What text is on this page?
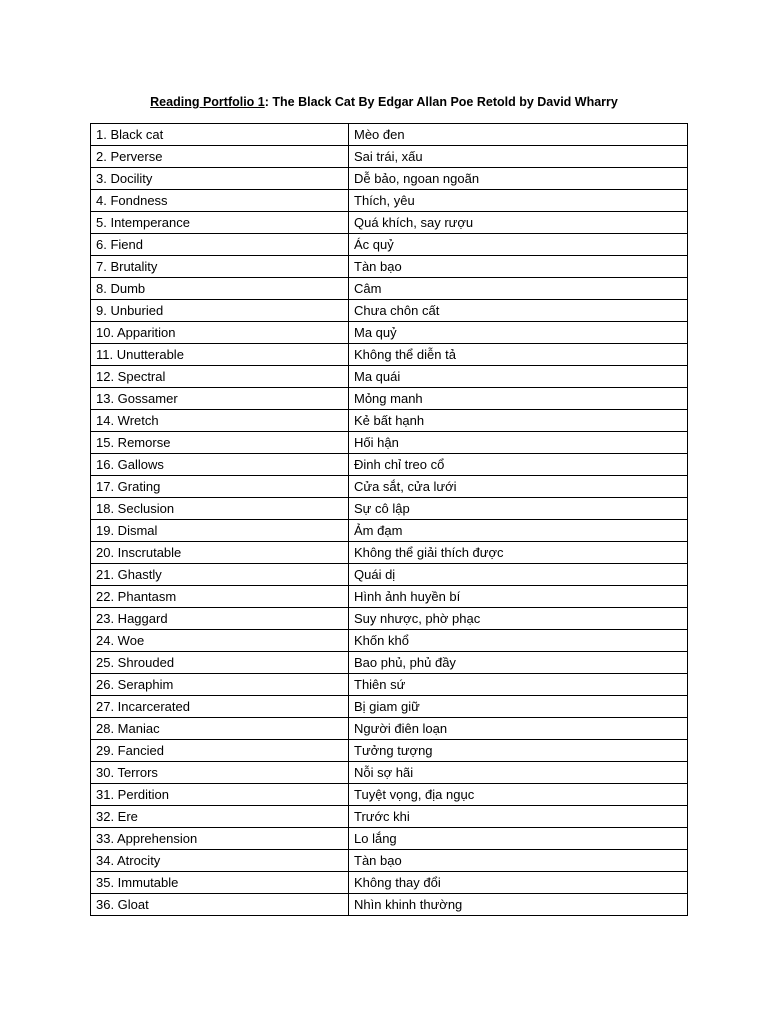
Reading Portfolio 1: The Black Cat By Edgar Allan Poe Retold by David Wharry
1. Black cat	Mèo đen
2. Perverse	Sai trái, xấu
3. Docility	Dễ bảo, ngoan ngoãn
4. Fondness	Thích, yêu
5. Intemperance	Quá khích, say rượu
6. Fiend	Ác quỷ
7. Brutality	Tàn bạo
8. Dumb	Câm
9. Unburied	Chưa chôn cất
10. Apparition	Ma quỷ
11. Unutterable	Không thể diễn tả
12. Spectral	Ma quái
13. Gossamer	Mỏng manh
14. Wretch	Kẻ bất hạnh
15. Remorse	Hối hận
16. Gallows	Đinh chỉ treo cổ
17. Grating	Cửa sắt, cửa lưới
18. Seclusion	Sự cô lập
19. Dismal	Ảm đạm
20. Inscrutable	Không thể giải thích được
21. Ghastly	Quái dị
22. Phantasm	Hình ảnh huyền bí
23. Haggard	Suy nhược, phờ phạc
24. Woe	Khốn khổ
25. Shrouded	Bao phủ, phủ đầy
26. Seraphim	Thiên sứ
27. Incarcerated	Bị giam giữ
28. Maniac	Người điên loạn
29. Fancied	Tưởng tượng
30. Terrors	Nỗi sợ hãi
31. Perdition	Tuyệt vọng, địa ngục
32. Ere	Trước khi
33. Apprehension	Lo lắng
34. Atrocity	Tàn bạo
35. Immutable	Không thay đổi
36. Gloat	Nhìn khinh thường
